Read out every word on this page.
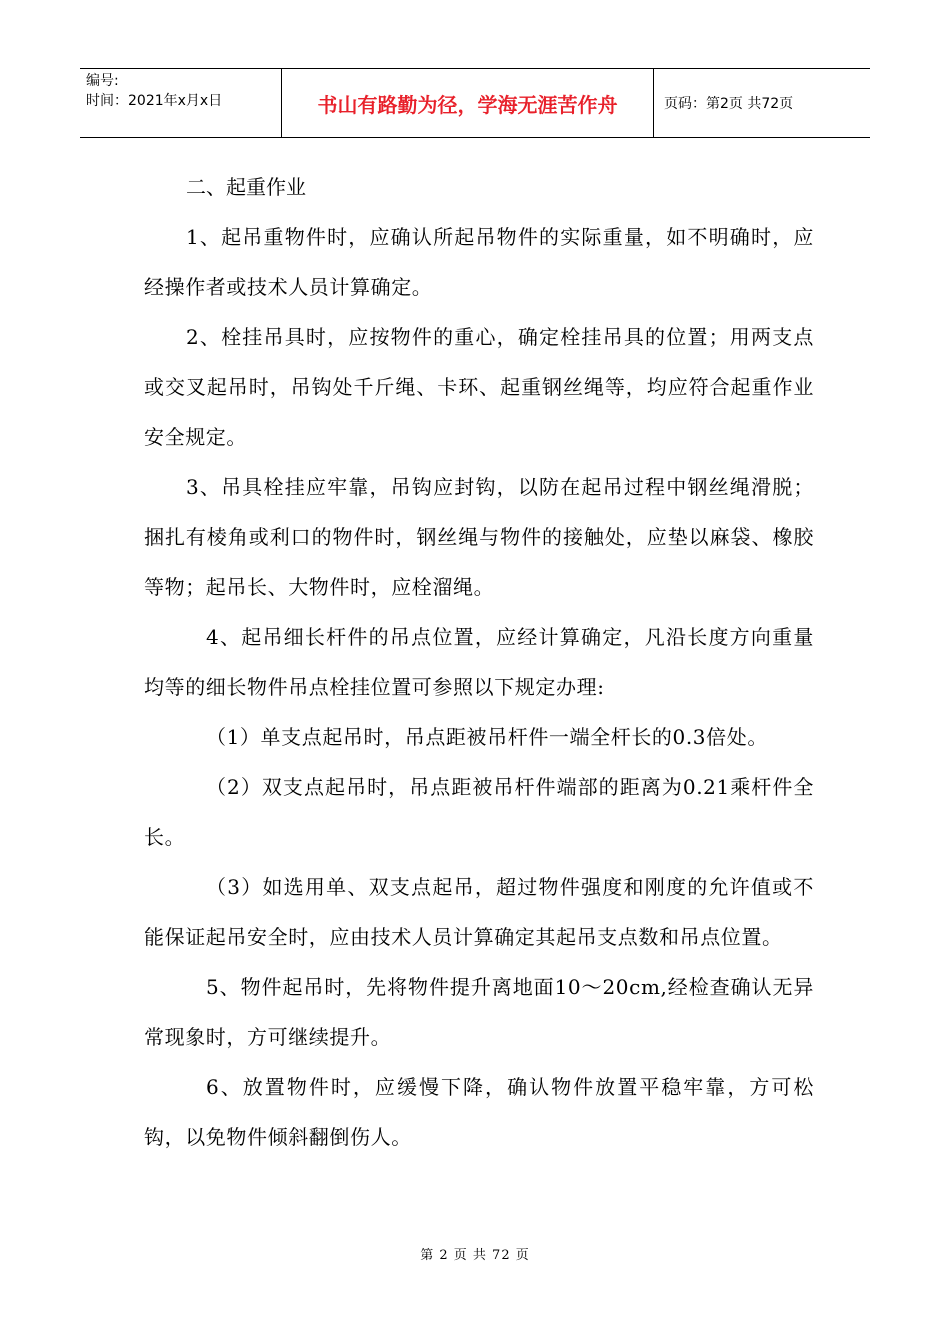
编号:
时间：2021年x月x日	书山有路勤为径，学海无涯苦作舟	页码：第2页 共72页
二、起重作业

1、起吊重物件时，应确认所起吊物件的实际重量，如不明确时，应经操作者或技术人员计算确定。

2、栓挂吊具时，应按物件的重心，确定栓挂吊具的位置；用两支点或交叉起吊时，吊钩处千斤绳、卡环、起重钢丝绳等，均应符合起重作业安全规定。

3、吊具栓挂应牢靠，吊钩应封钩，以防在起吊过程中钢丝绳滑脱；捆扎有棱角或利口的物件时，钢丝绳与物件的接触处，应垫以麻袋、橡胶等物；起吊长、大物件时，应栓溜绳。

4、起吊细长杆件的吊点位置，应经计算确定，凡沿长度方向重量均等的细长物件吊点栓挂位置可参照以下规定办理:

（1）单支点起吊时，吊点距被吊杆件一端全杆长的0.3倍处。

（2）双支点起吊时，吊点距被吊杆件端部的距离为0.21乘杆件全长。

（3）如选用单、双支点起吊，超过物件强度和刚度的允许值或不能保证起吊安全时，应由技术人员计算确定其起吊支点数和吊点位置。

5、物件起吊时，先将物件提升离地面10～20cm,经检查确认无异常现象时，方可继续提升。

6、放置物件时，应缓慢下降，确认物件放置平稳牢靠，方可松钩，以免物件倾斜翻倒伤人。

第 2 页 共 72 页
